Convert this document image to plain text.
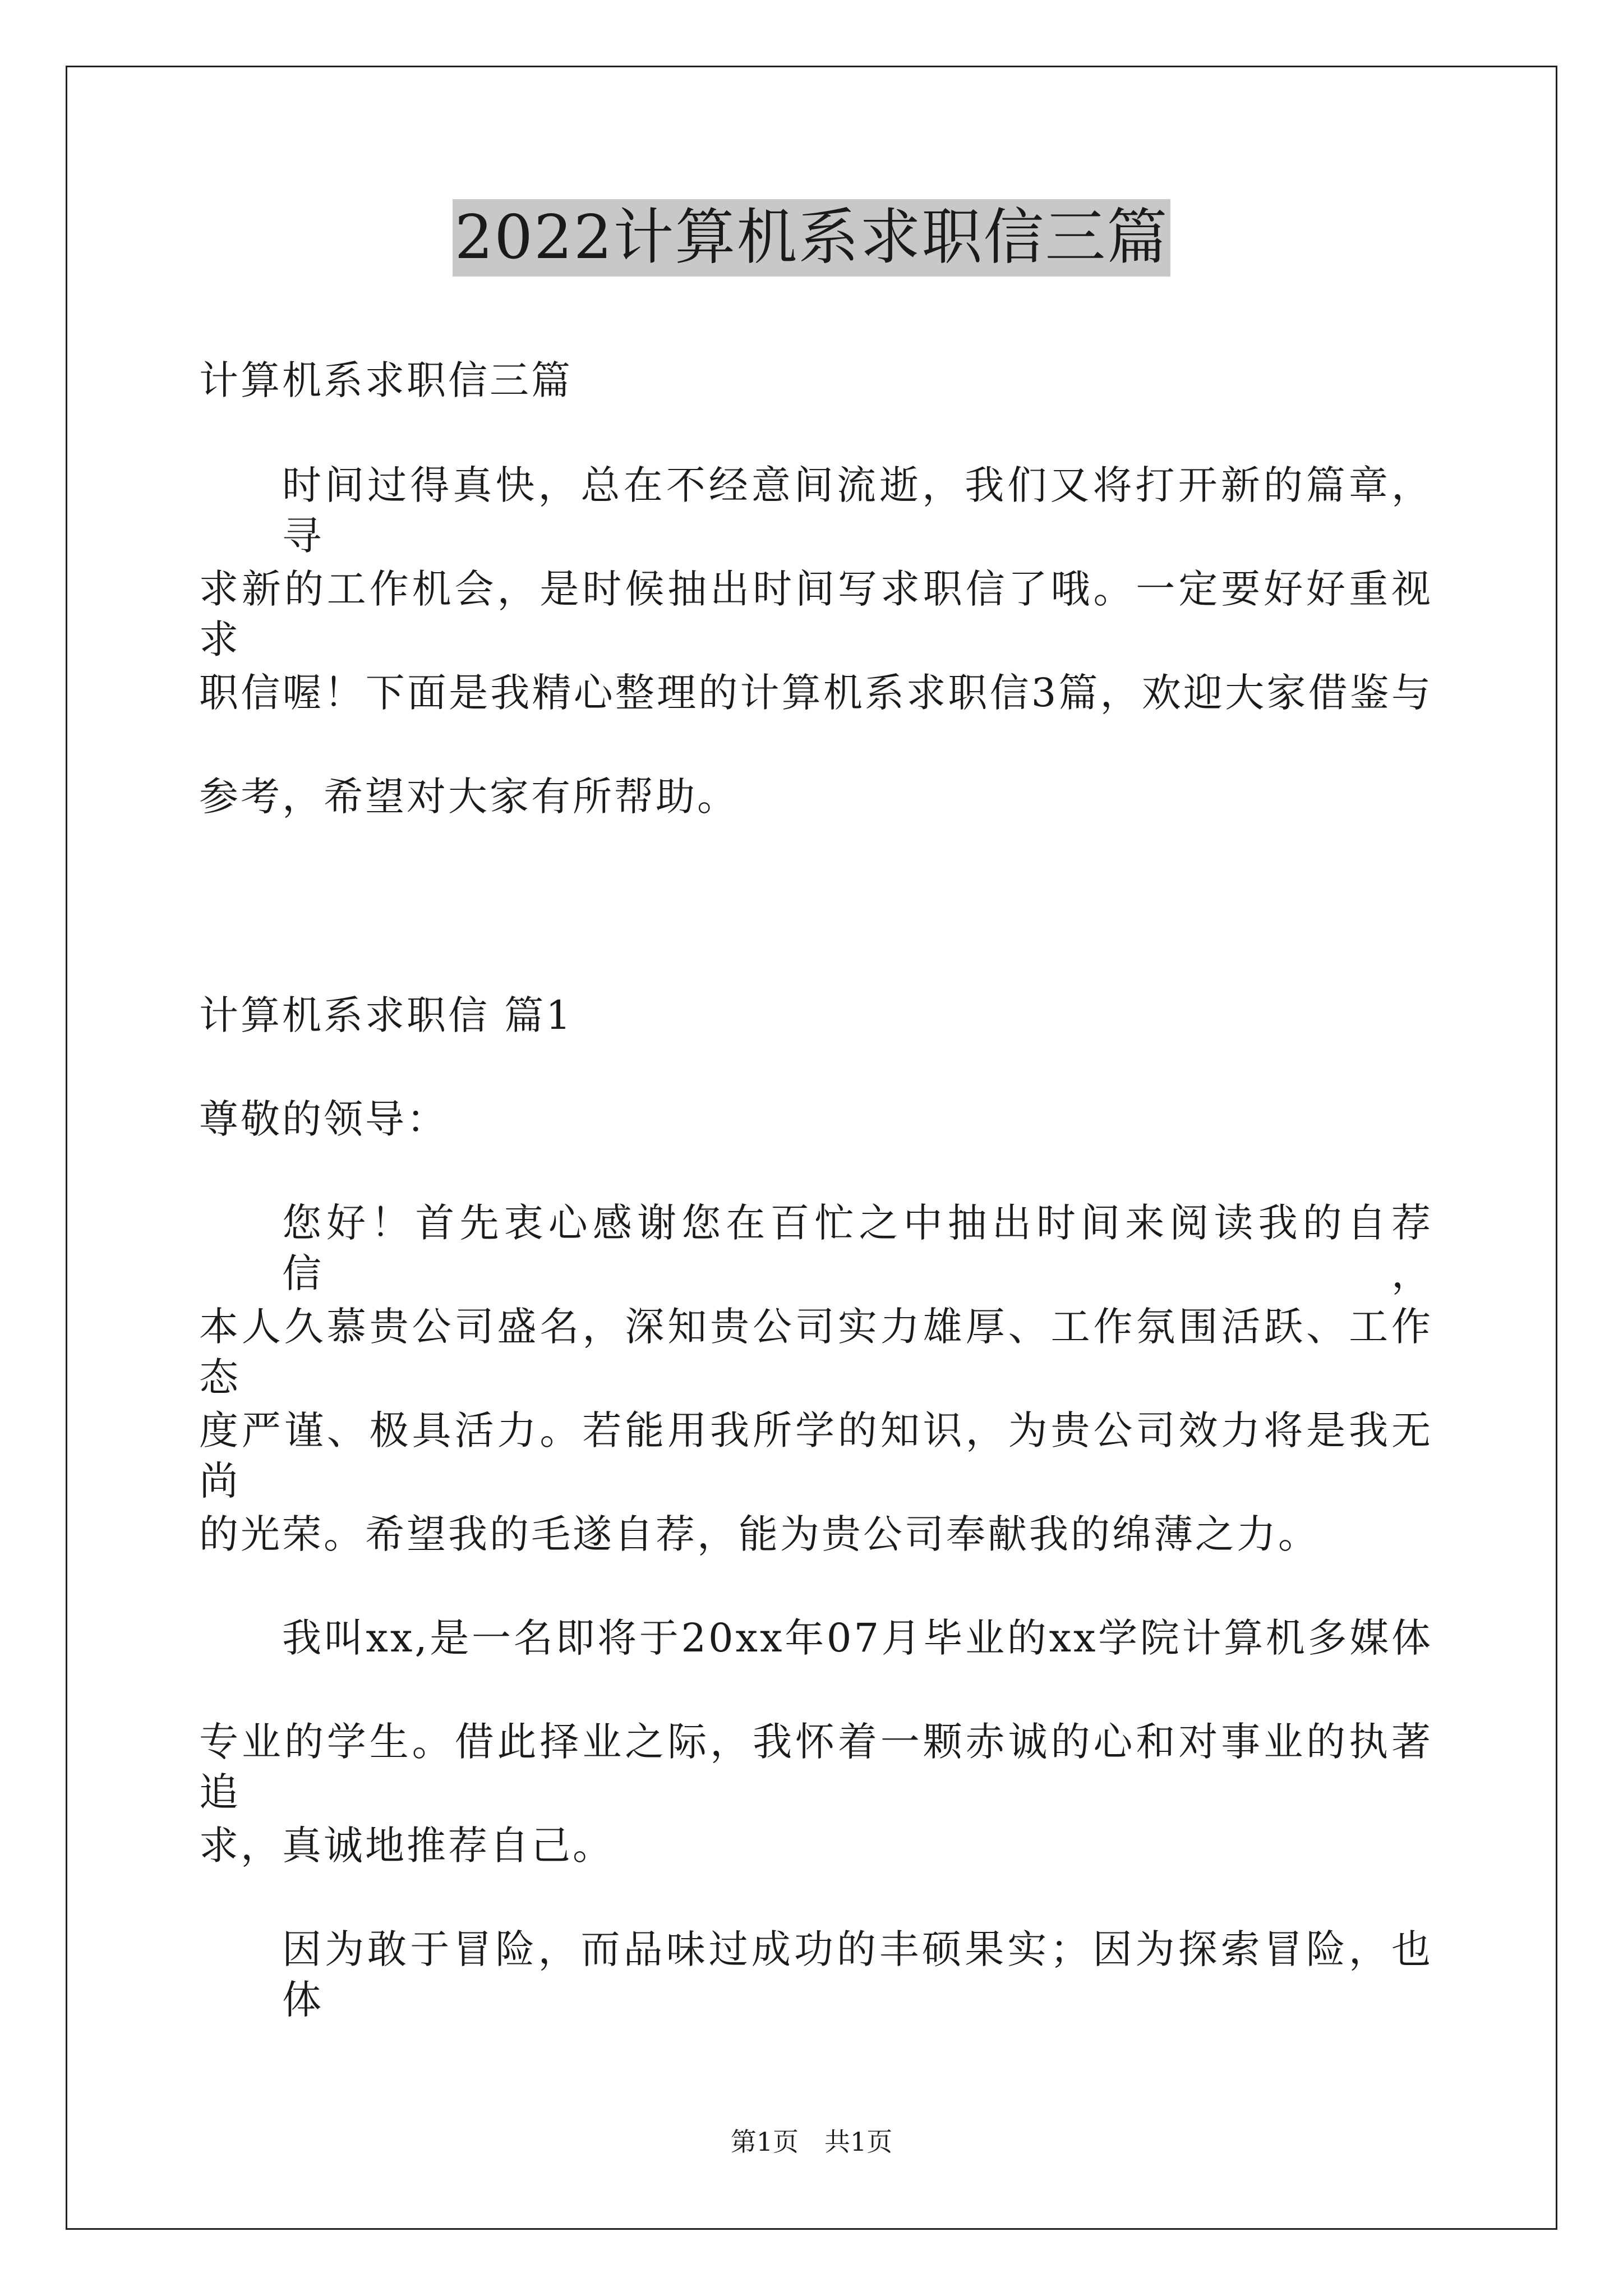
2022计算机系求职信三篇
计算机系求职信三篇
时间过得真快，总在不经意间流逝，我们又将打开新的篇章，寻
求新的工作机会，是时候抽出时间写求职信了哦。一定要好好重视求
职信喔！下面是我精心整理的计算机系求职信3篇，欢迎大家借鉴与
参考，希望对大家有所帮助。
计算机系求职信 篇1
尊敬的领导：
您好！首先衷心感谢您在百忙之中抽出时间来阅读我的自荐信，
本人久慕贵公司盛名，深知贵公司实力雄厚、工作氛围活跃、工作态
度严谨、极具活力。若能用我所学的知识，为贵公司效力将是我无尚
的光荣。希望我的毛遂自荐，能为贵公司奉献我的绵薄之力。
我叫xx,是一名即将于20xx年07月毕业的xx学院计算机多媒体
专业的学生。借此择业之际，我怀着一颗赤诚的心和对事业的执著追
求，真诚地推荐自己。
因为敢于冒险，而品味过成功的丰硕果实；因为探索冒险，也体
第1页　共1页
